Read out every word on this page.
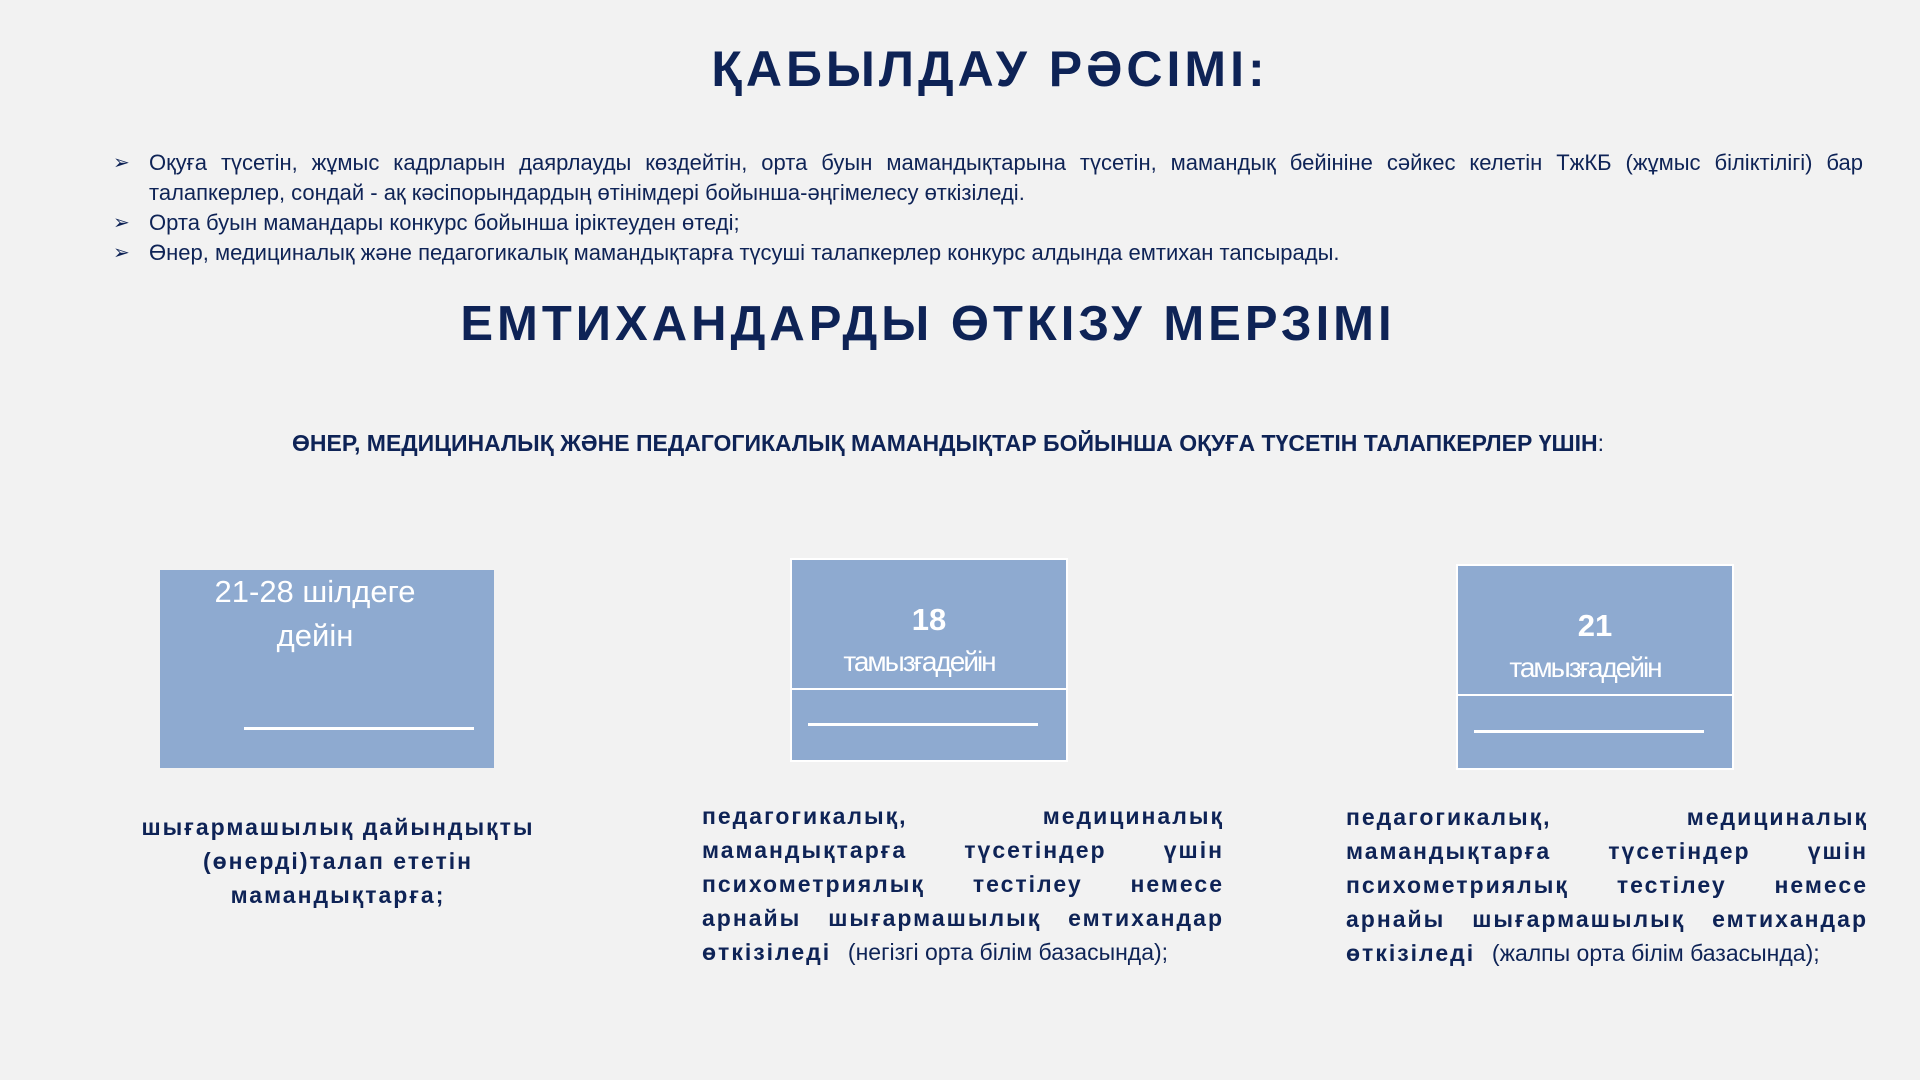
ҚАБЫЛДАУ РӘСІМІ:
➢ Оқуға түсетін, жұмыс кадрларын даярлауды көздейтін, орта буын мамандықтарына түсетін, мамандық бейініне сәйкес келетін ТжКБ (жұмыс біліктілігі) бар талапкерлер, сондай - ақ кәсіпорындардың өтінімдері бойынша-әңгімелесу өткізіледі.
➢ Орта буын мамандары конкурс бойынша іріктеуден өтеді;
➢ Өнер, медициналық және педагогикалық мамандықтарға түсуші талапкерлер конкурс алдында емтихан тапсырады.
ЕМТИХАНДАРДЫ ӨТКІЗУ МЕРЗІМІ
ӨНЕР, МЕДИЦИНАЛЫҚ ЖӘНЕ ПЕДАГОГИКАЛЫҚ МАМАНДЫҚТАР БОЙЫНША ОҚУҒА ТҮСЕТІН ТАЛАПКЕРЛЕР ҮШІН:
21-28 шілдеге
дейін	18
тамызғадейін
21
тамызғадейін
шығармашылық дайындықты (өнерді)талап ететін мамандықтарға;
педагогикалық, медициналық мамандықтарға түсетіндер үшін психометриялық тестілеу немесе арнайы шығармашылық емтихандар өткізіледі (негізгі орта білім базасында);
педагогикалық, медициналық мамандықтарға түсетіндер үшін психометриялық тестілеу немесе арнайы шығармашылық емтихандар өткізіледі (жалпы орта білім базасында);
